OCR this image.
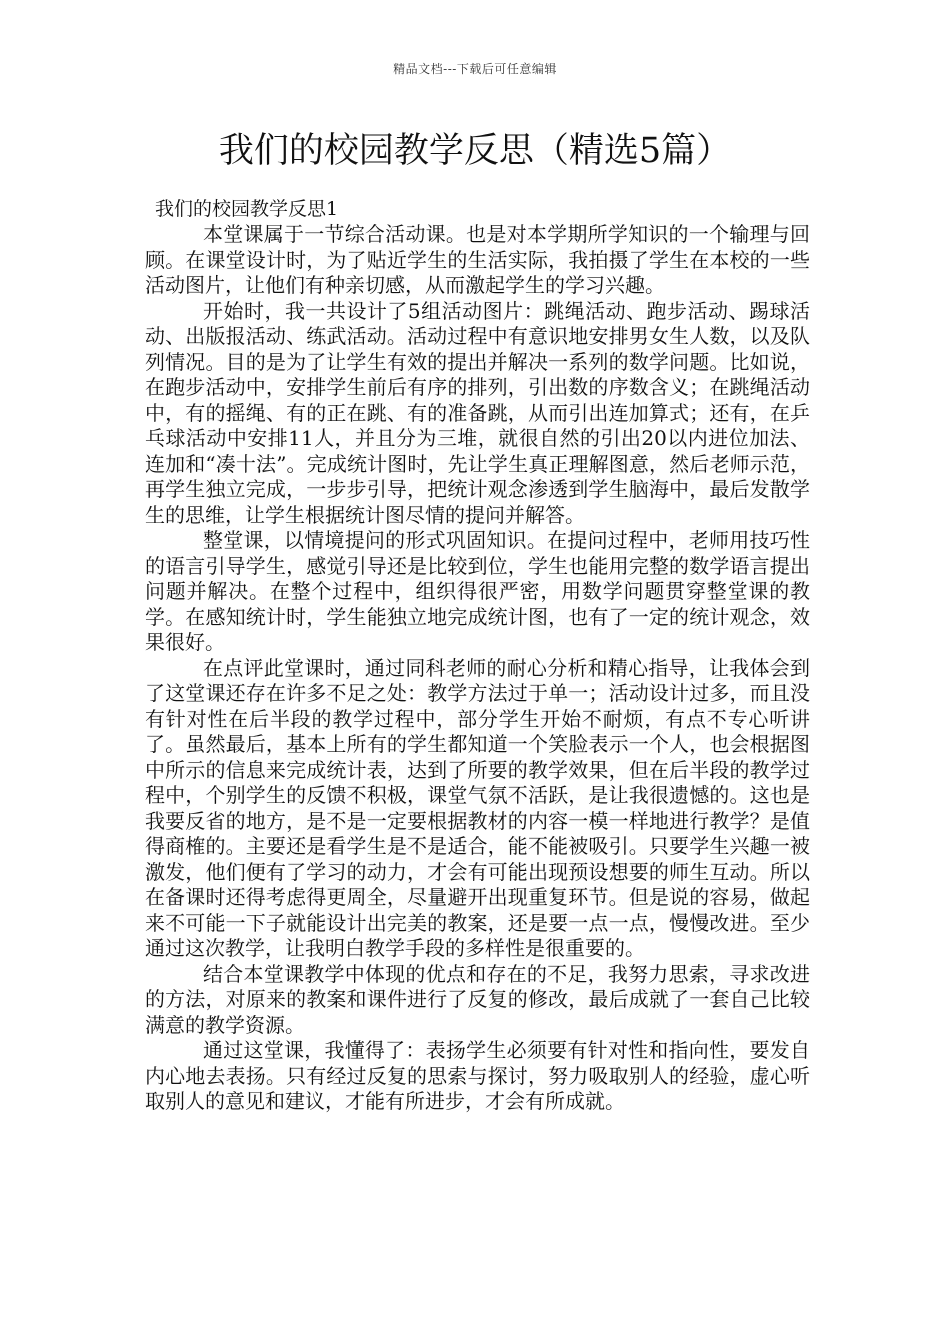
精品文档---下载后可任意编辑
我们的校园教学反思（精选5篇）

我们的校园教学反思1

本堂课属于一节综合活动课。也是对本学期所学知识的一个输理与回顾。在课堂设计时，为了贴近学生的生活实际，我拍摄了学生在本校的一些活动图片，让他们有种亲切感，从而激起学生的学习兴趣。

开始时，我一共设计了5组活动图片：跳绳活动、跑步活动、踢球活动、出版报活动、练武活动。活动过程中有意识地安排男女生人数，以及队列情况。目的是为了让学生有效的提出并解决一系列的数学问题。比如说，在跑步活动中，安排学生前后有序的排列，引出数的序数含义；在跳绳活动中，有的摇绳、有的正在跳、有的准备跳，从而引出连加算式；还有，在乒乓球活动中安排11人，并且分为三堆，就很自然的引出20以内进位加法、连加和“凑十法”。完成统计图时，先让学生真正理解图意，然后老师示范，再学生独立完成，一步步引导，把统计观念渗透到学生脑海中，最后发散学生的思维，让学生根据统计图尽情的提问并解答。

整堂课，以情境提问的形式巩固知识。在提问过程中，老师用技巧性的语言引导学生，感觉引导还是比较到位，学生也能用完整的数学语言提出问题并解决。在整个过程中，组织得很严密，用数学问题贯穿整堂课的教学。在感知统计时，学生能独立地完成统计图，也有了一定的统计观念，效果很好。

在点评此堂课时，通过同科老师的耐心分析和精心指导，让我体会到了这堂课还存在许多不足之处：教学方法过于单一；活动设计过多，而且没有针对性在后半段的教学过程中，部分学生开始不耐烦，有点不专心听讲了。虽然最后，基本上所有的学生都知道一个笑脸表示一个人，也会根据图中所示的信息来完成统计表，达到了所要的教学效果，但在后半段的教学过程中，个别学生的反馈不积极，课堂气氛不活跃，是让我很遗憾的。这也是我要反省的地方，是不是一定要根据教材的内容一模一样地进行教学？是值得商榷的。主要还是看学生是不是适合，能不能被吸引。只要学生兴趣一被激发，他们便有了学习的动力，才会有可能出现预设想要的师生互动。所以在备课时还得考虑得更周全，尽量避开出现重复环节。但是说的容易，做起来不可能一下子就能设计出完美的教案，还是要一点一点，慢慢改进。至少通过这次教学，让我明白教学手段的多样性是很重要的。

结合本堂课教学中体现的优点和存在的不足，我努力思索，寻求改进的方法，对原来的教案和课件进行了反复的修改，最后成就了一套自己比较满意的教学资源。

通过这堂课，我懂得了：表扬学生必须要有针对性和指向性，要发自内心地去表扬。只有经过反复的思索与探讨，努力吸取别人的经验，虚心听取别人的意见和建议，才能有所进步，才会有所成就。
